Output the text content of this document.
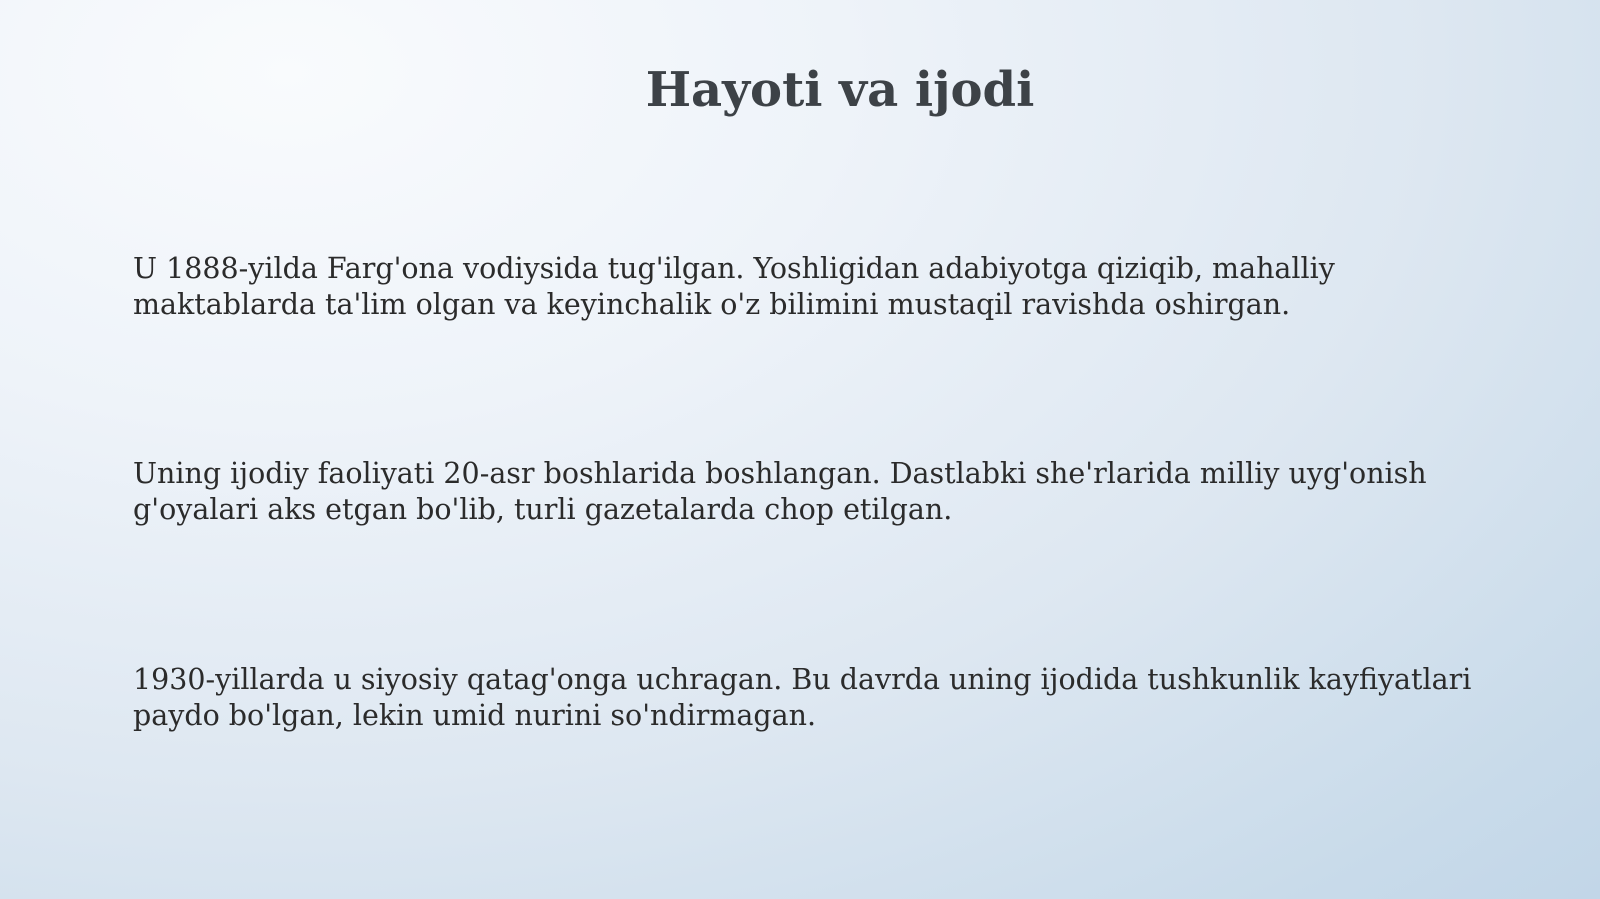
Hayoti va ijodi

U 1888-yilda Farg'ona vodiysida tug'ilgan. Yoshligidan adabiyotga qiziqib, mahalliy
maktablarda ta'lim olgan va keyinchalik o'z bilimini mustaqil ravishda oshirgan.

Uning ijodiy faoliyati 20-asr boshlarida boshlangan. Dastlabki she'rlarida milliy uyg'onish
g'oyalari aks etgan bo'lib, turli gazetalarda chop etilgan.

1930-yillarda u siyosiy qatag'onga uchragan. Bu davrda uning ijodida tushkunlik kayfiyatlari
paydo bo'lgan, lekin umid nurini so'ndirmagan.
